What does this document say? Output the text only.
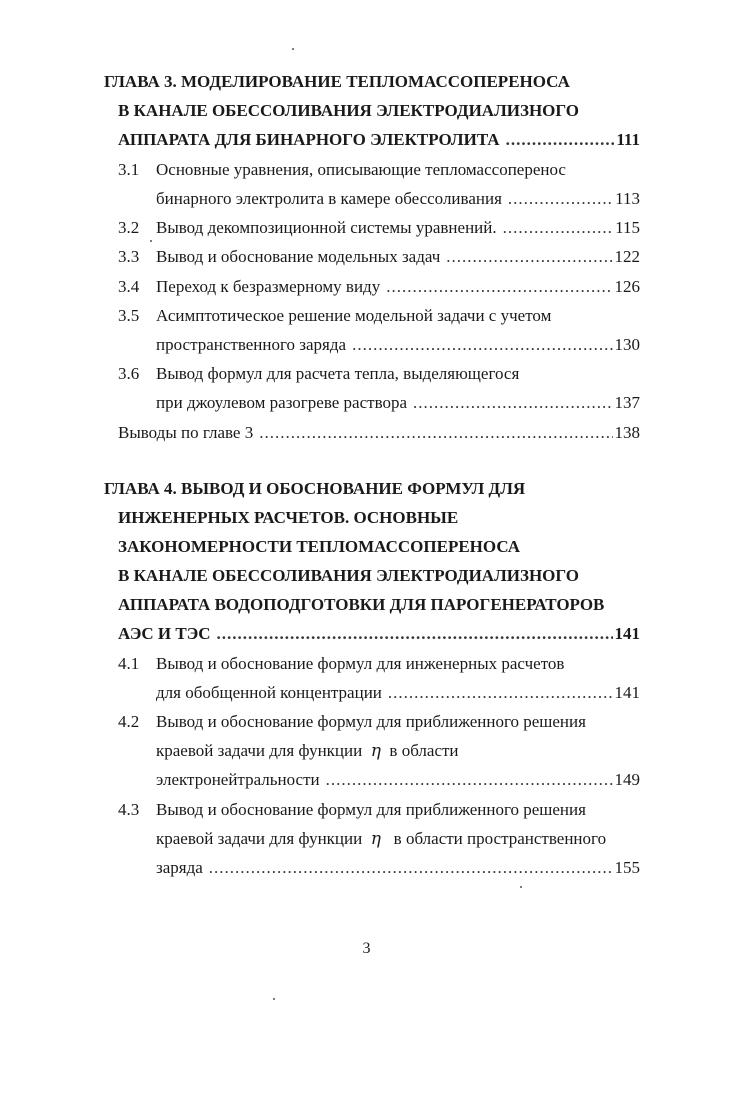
ГЛАВА 3. МОДЕЛИРОВАНИЕ ТЕПЛОМАССОПЕРЕНОСА
В КАНАЛЕ ОБЕССОЛИВАНИЯ ЭЛЕКТРОДИАЛИЗНОГО
АППАРАТА ДЛЯ БИНАРНОГО ЭЛЕКТРОЛИТА .....	111
3.1 Основные уравнения, описывающие тепломассоперенос
бинарного электролита в камере обессоливания .....	113
3.2 Вывод декомпозиционной системы уравнений. .....	115
3.3 Вывод и обоснование модельных задач .....	122
3.4 Переход к безразмерному виду .....	126
3.5 Асимптотическое решение модельной задачи с учетом
пространственного заряда .....	130
3.6 Вывод формул для расчета тепла, выделяющегося
при джоулевом разогреве раствора .....	137
Выводы по главе 3 .....	138
ГЛАВА 4. ВЫВОД И ОБОСНОВАНИЕ ФОРМУЛ ДЛЯ
ИНЖЕНЕРНЫХ РАСЧЕТОВ. ОСНОВНЫЕ
ЗАКОНОМЕРНОСТИ ТЕПЛОМАССОПЕРЕНОСА
В КАНАЛЕ ОБЕССОЛИВАНИЯ ЭЛЕКТРОДИАЛИЗНОГО
АППАРАТА ВОДОПОДГОТОВКИ ДЛЯ ПАРОГЕНЕРАТОРОВ
АЭС И ТЭС .....	141
4.1 Вывод и обоснование формул для инженерных расчетов
для обобщенной концентрации .....	141
4.2 Вывод и обоснование формул для приближенного решения
краевой задачи для функции
η
в области
электронейтральности .....	149
4.3 Вывод и обоснование формул для приближенного решения
краевой задачи для функции
η
в области пространственного
заряда .....	155
3
